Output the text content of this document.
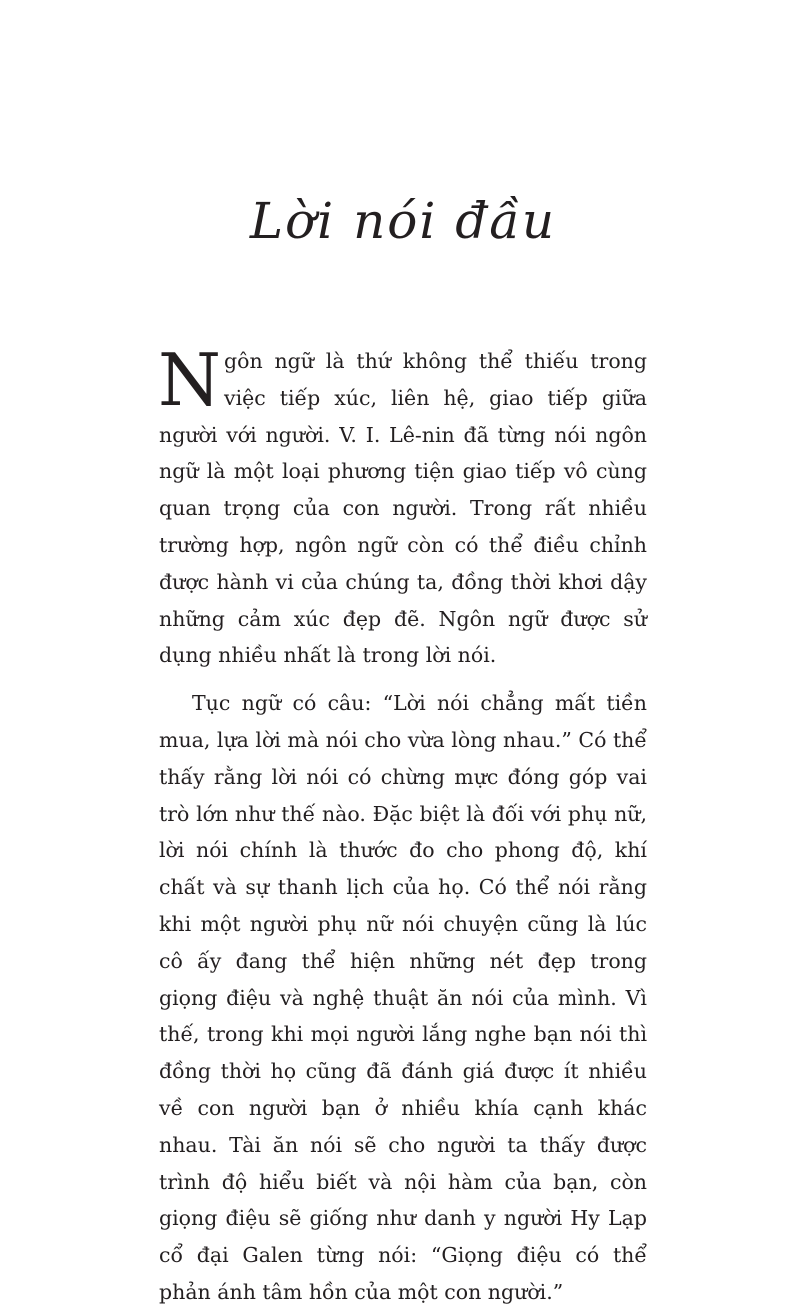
Lời nói đầu

Ngôn ngữ là thứ không thể thiếu trong việc tiếp xúc, liên hệ, giao tiếp giữa người với người. V. I. Lê-nin đã từng nói ngôn ngữ là một loại phương tiện giao tiếp vô cùng quan trọng của con người. Trong rất nhiều trường hợp, ngôn ngữ còn có thể điều chỉnh được hành vi của chúng ta, đồng thời khơi dậy những cảm xúc đẹp đẽ. Ngôn ngữ được sử dụng nhiều nhất là trong lời nói.

Tục ngữ có câu: “Lời nói chẳng mất tiền mua, lựa lời mà nói cho vừa lòng nhau.” Có thể thấy rằng lời nói có chừng mực đóng góp vai trò lớn như thế nào. Đặc biệt là đối với phụ nữ, lời nói chính là thước đo cho phong độ, khí chất và sự thanh lịch của họ. Có thể nói rằng khi một người phụ nữ nói chuyện cũng là lúc cô ấy đang thể hiện những nét đẹp trong giọng điệu và nghệ thuật ăn nói của mình. Vì thế, trong khi mọi người lắng nghe bạn nói thì đồng thời họ cũng đã đánh giá được ít nhiều về con người bạn ở nhiều khía cạnh khác nhau. Tài ăn nói sẽ cho người ta thấy được trình độ hiểu biết và nội hàm của bạn, còn giọng điệu sẽ giống như danh y người Hy Lạp cổ đại Galen từng nói: “Giọng điệu có thể phản ánh tâm hồn của một con người.”
